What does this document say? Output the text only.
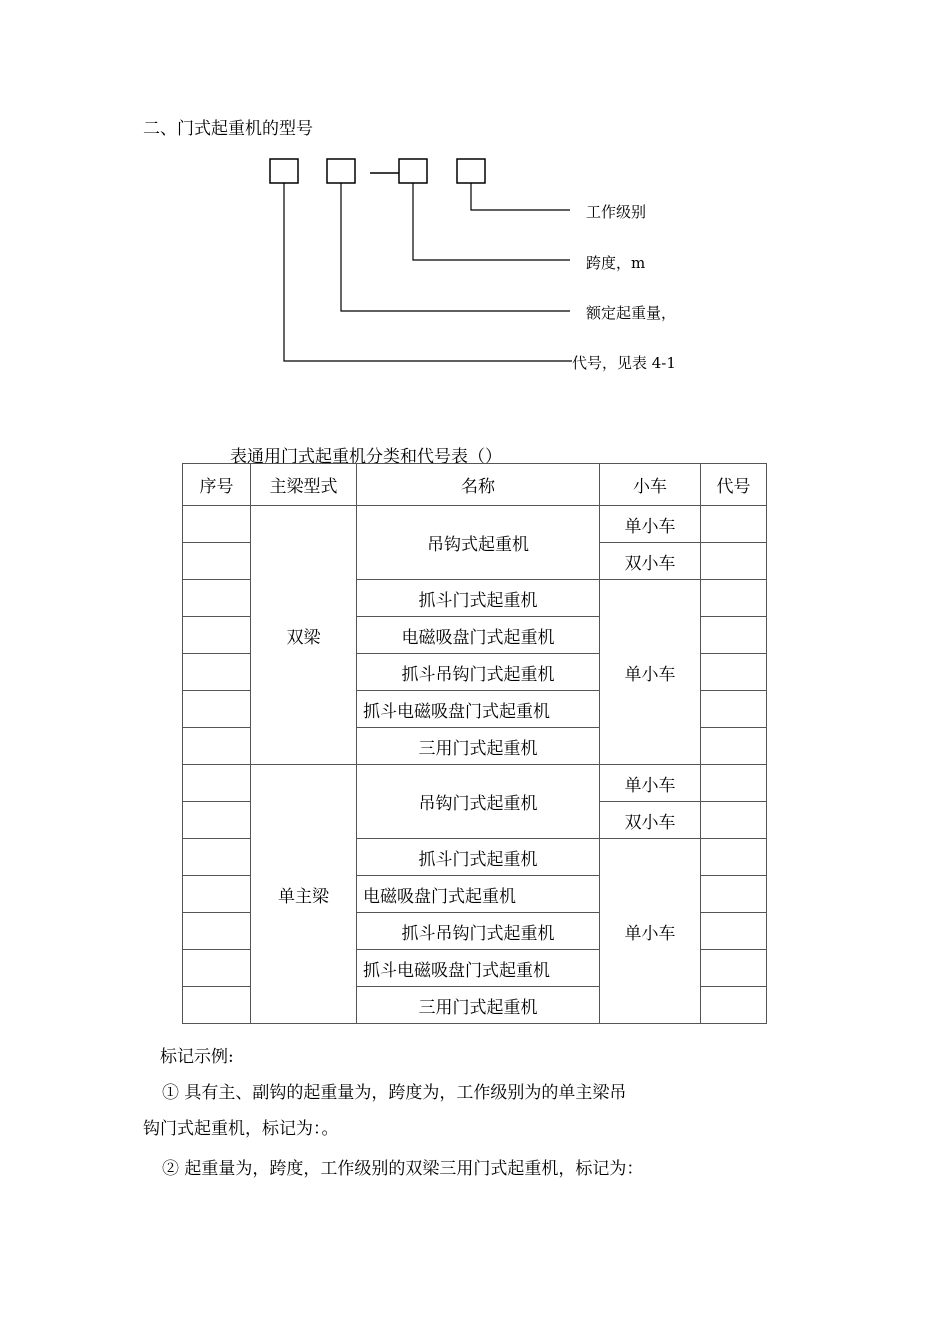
二、门式起重机的型号
工作级别
跨度，m
额定起重量，
代号，见表 4-1
表通用门式起重机分类和代号表（）
序号	主梁型式	名称	小车	代号
	双梁	吊钩式起重机	单小车	
			双小车	
		抓斗门式起重机	单小车	
		电磁吸盘门式起重机		
		抓斗吊钩门式起重机		
		抓斗电磁吸盘门式起重机		
		三用门式起重机		
	单主梁	吊钩门式起重机	单小车	
			双小车	
		抓斗门式起重机	单小车	
		电磁吸盘门式起重机		
		抓斗吊钩门式起重机		
		抓斗电磁吸盘门式起重机		
		三用门式起重机		
标记示例:
① 具有主、副钩的起重量为，跨度为，工作级别为的单主梁吊
钩门式起重机，标记为：。
② 起重量为，跨度，工作级别的双梁三用门式起重机，标记为：
